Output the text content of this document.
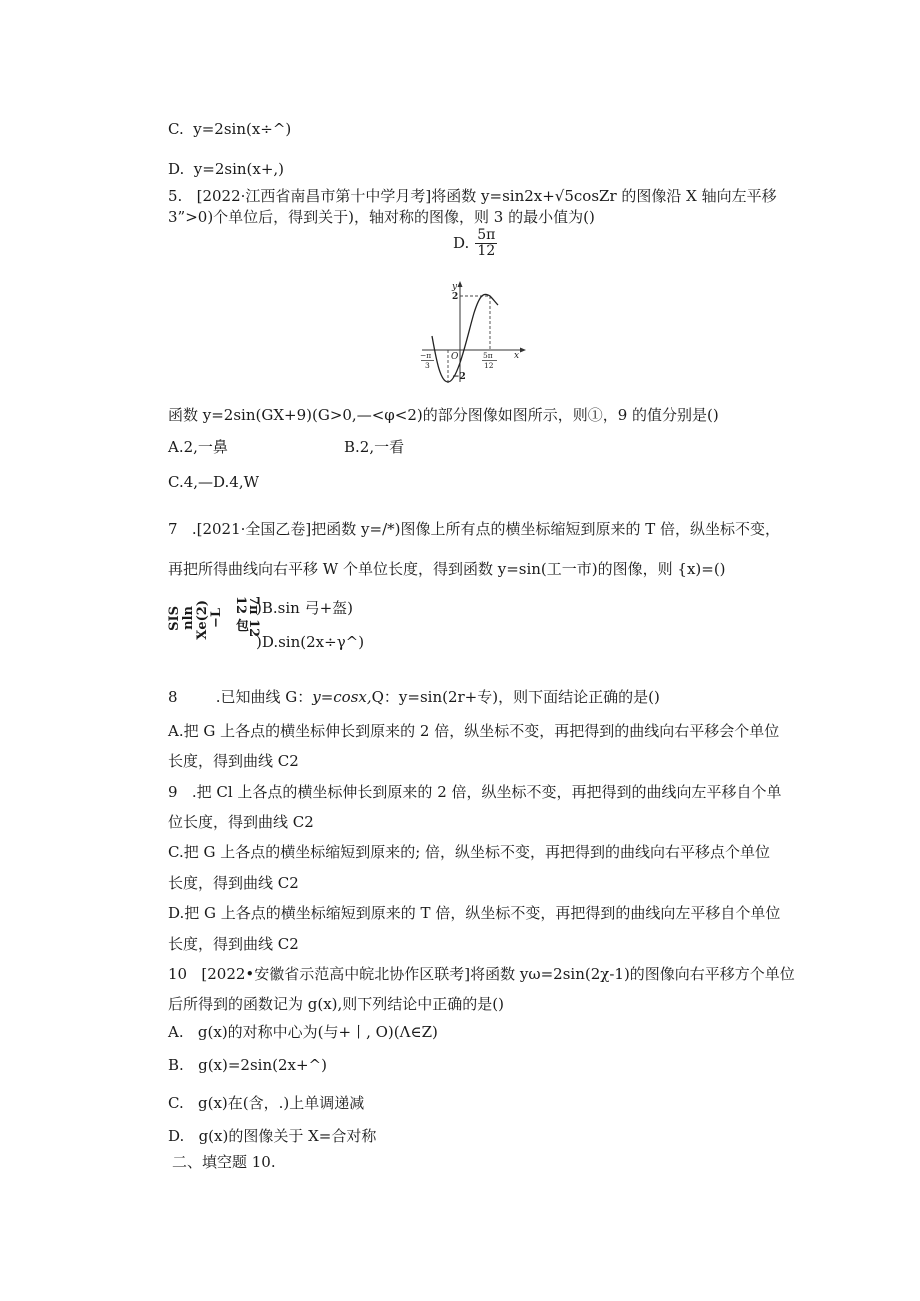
C.  y=2sin(x÷^)
D.  y=2sin(x+,)
5.   [2022·江西省南昌市第十中学月考]将函数 y=sin2x+√5cosZr 的图像沿 X 轴向左平移
3”>0)个单位后，得到关于)，轴对称的图像，则 3 的最小值为()
D. $\frac{5\pi}{12}$
y
x
O
2
−2
−π
3
5π
12
函数 y=2sin(GX+9)(G>0,—<φ<2)的部分图像如图所示，则①，9 的值分别是()
A.2,一鼻	B.2,一看
C.4,—D.4,W
7   .[2021·全国乙卷]把函数 y=/*)图像上所有点的横坐标缩短到原来的 T 倍，纵坐标不变，
再把所得曲线向右平移 W 个单位长度，得到函数 y=sin(工一市)的图像，则 {x)=()
SIS nln Xe(2) −L	7π 12 12 包 )B.sin 弓+盔)
)D.sin(2x÷γ^)
8        .已知曲线 G：y=cosx,Q：y=sin(2r+专)，则下面结论正确的是()
A.把 G 上各点的横坐标伸长到原来的 2 倍，纵坐标不变，再把得到的曲线向右平移会个单位
长度，得到曲线 C2
9   .把 Cl 上各点的横坐标伸长到原来的 2 倍，纵坐标不变，再把得到的曲线向左平移自个单
位长度，得到曲线 C2
C.把 G 上各点的横坐标缩短到原来的; 倍，纵坐标不变，再把得到的曲线向右平移点个单位
长度，得到曲线 C2
D.把 G 上各点的横坐标缩短到原来的 T 倍，纵坐标不变，再把得到的曲线向左平移自个单位
长度，得到曲线 C2
10   [2022•安徽省示范高中皖北协作区联考]将函数 yω=2sin(2χ-1)的图像向右平移方个单位
后所得到的函数记为 g(x),则下列结论中正确的是()
A.   g(x)的对称中心为(与+丨, O)(Λ∈Z)
B.   g(x)=2sin(2x+^)
C.   g(x)在(含，.)上单调递减
D.   g(x)的图像关于 X=合对称
二、填空题 10.
